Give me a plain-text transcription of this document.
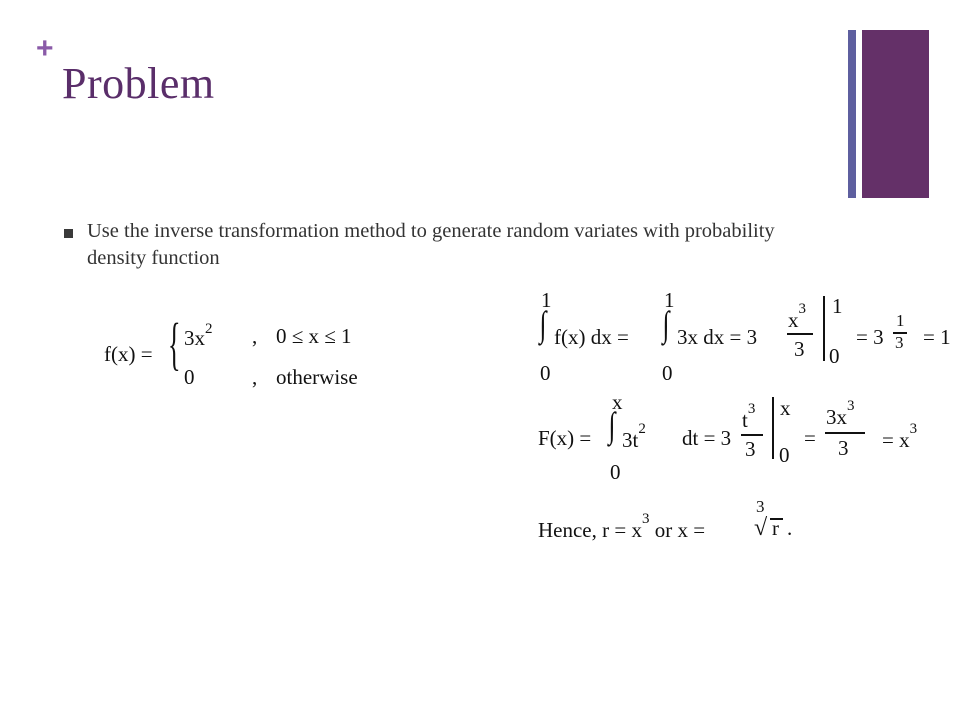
+
Problem
Use the inverse transformation method to generate random variates with probability density function
f(x) = { $3x^2$ , 0 ≤ x ≤ 1
0	, otherwise
1
∫
0
f(x) dx =
1
∫
0
3x dx = 3
$x^3$
3
1
0
= 3
1
3 = 1
F(x) =
x
∫
0
$3t^2$ dt = 3
$t^3$
3
x
0
=
$3x^3$
$3 = x^3$
Hence, $r = x^3$ or x =
3
√ r .
